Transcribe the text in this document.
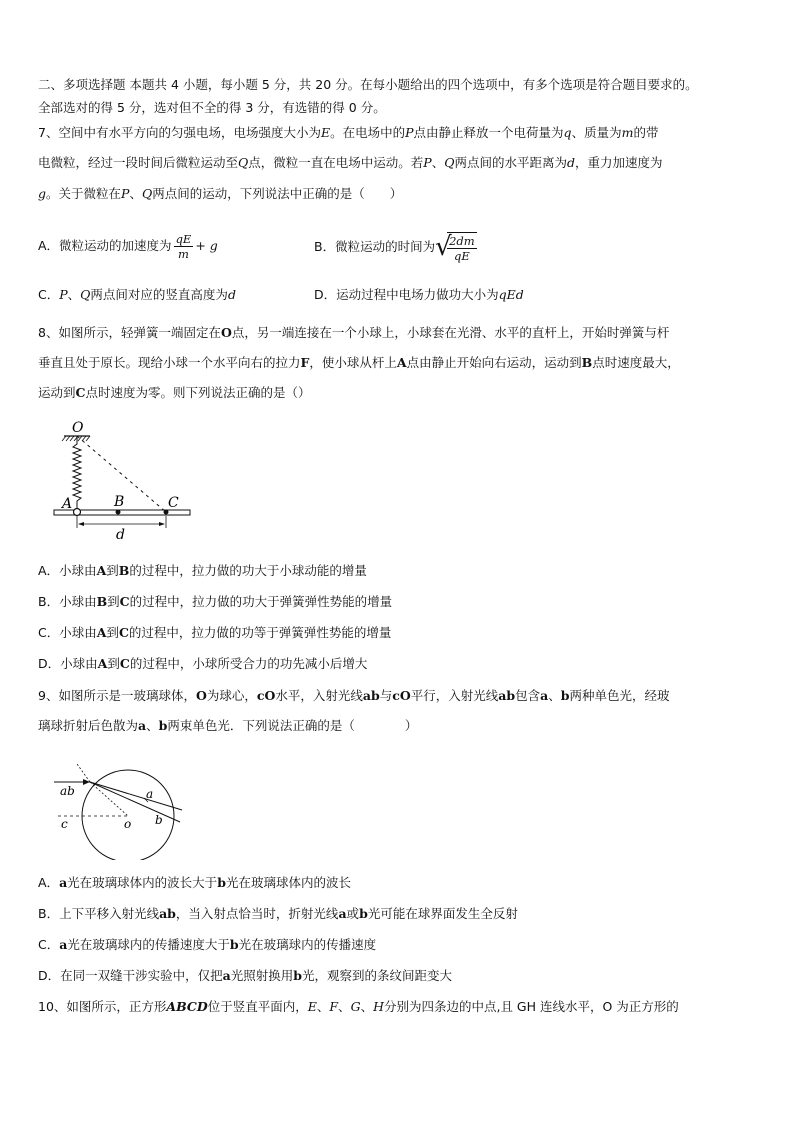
二、多项选择题 本题共 4 小题，每小题 5 分，共 20 分。在每小题给出的四个选项中，有多个选项是符合题目要求的。
全部选对的得 5 分，选对但不全的得 3 分，有选错的得 0 分。
7、空间中有水平方向的匀强电场，电场强度大小为E。在电场中的P点由静止释放一个电荷量为q、质量为m的带
电微粒，经过一段时间后微粒运动至Q点，微粒一直在电场中运动。若P、Q两点间的水平距离为d，重力加速度为
g。关于微粒在P、Q两点间的运动，下列说法中正确的是（　　）
A．微粒运动的加速度为 $\frac{qE}{m} + g$	B．微粒运动的时间为 √
$\frac{2dm}{qE}$
C．P、Q两点间对应的竖直高度为d	D．运动过程中电场力做功大小为qEd
8、如图所示，轻弹簧一端固定在O点，另一端连接在一个小球上，小球套在光滑、水平的直杆上，开始时弹簧与杆
垂直且处于原长。现给小球一个水平向右的拉力F，使小球从杆上A点由静止开始向右运动，运动到B点时速度最大，
运动到C点时速度为零。则下列说法正确的是（）
O
A	B	C
d
A．小球由A到B的过程中，拉力做的功大于小球动能的增量
B．小球由B到C的过程中，拉力做的功大于弹簧弹性势能的增量
C．小球由A到C的过程中，拉力做的功等于弹簧弹性势能的增量
D．小球由A到C的过程中，小球所受合力的功先减小后增大
9、如图所示是一玻璃球体，O为球心，cO水平，入射光线ab与cO平行，入射光线ab包含a、b两种单色光，经玻
璃球折射后色散为a、b两束单色光．下列说法正确的是（　　　　）
ab	a
b
c	o
A．a光在玻璃球体内的波长大于b光在玻璃球体内的波长
B．上下平移入射光线ab，当入射点恰当时，折射光线a或b光可能在球界面发生全反射
C．a光在玻璃球内的传播速度大于b光在玻璃球内的传播速度
D．在同一双缝干涉实验中，仅把a光照射换用b光，观察到的条纹间距变大
10、如图所示，正方形ABCD位于竖直平面内，E、F、G、H分别为四条边的中点,且 GH 连线水平，O 为正方形的
